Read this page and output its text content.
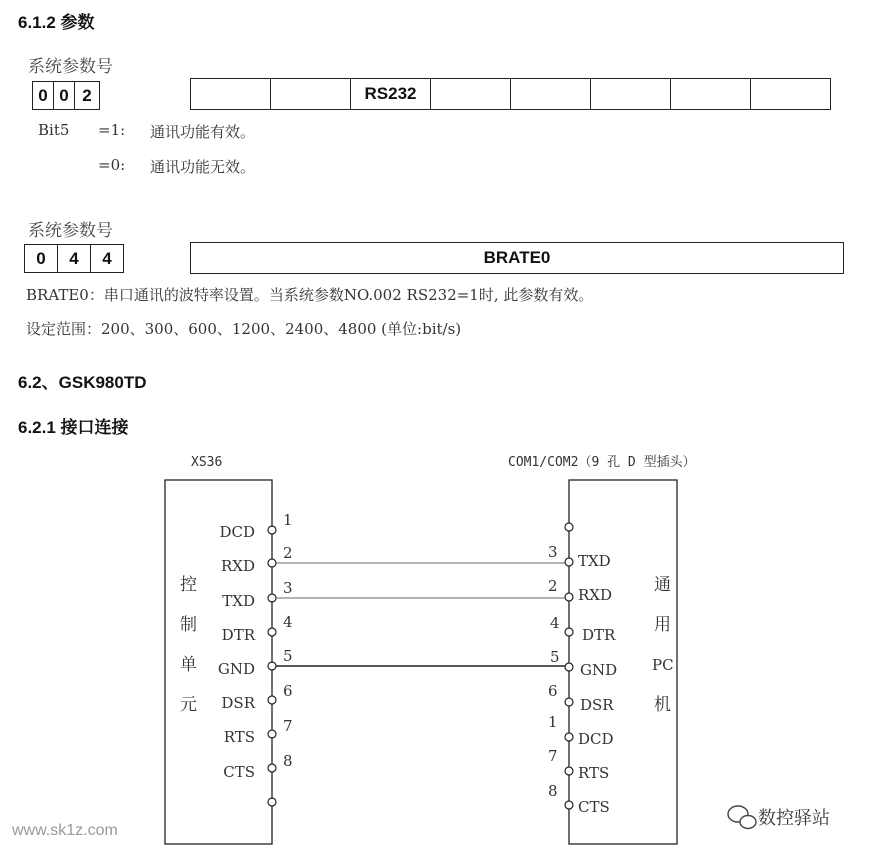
6.1.2 参数
系统参数号
0	0	2
			RS232					
Bit5 =1: 通讯功能有效。
=0: 通讯功能无效。
系统参数号
0	4	4	BRATE0
BRATE0：串口通讯的波特率设置。当系统参数NO.002 RS232=1时, 此参数有效。
设定范围：200、300、600、1200、2400、4800 (单位:bit/s)
6.2、GSK980TD
6.2.1 接口连接
XS36	COM1/COM2（9 孔 D 型插头）
控
制
单
元
通
用
PC
机
DCD
RXD
TXD
DTR
GND
DSR
RTS
CTS
1
2
3
4
5
6
7
8
TXD
RXD
DTR
GND
DSR
DCD
RTS
CTS
3
2
4
5
6
1
7
8
www.sk1z.com
数控驿站
